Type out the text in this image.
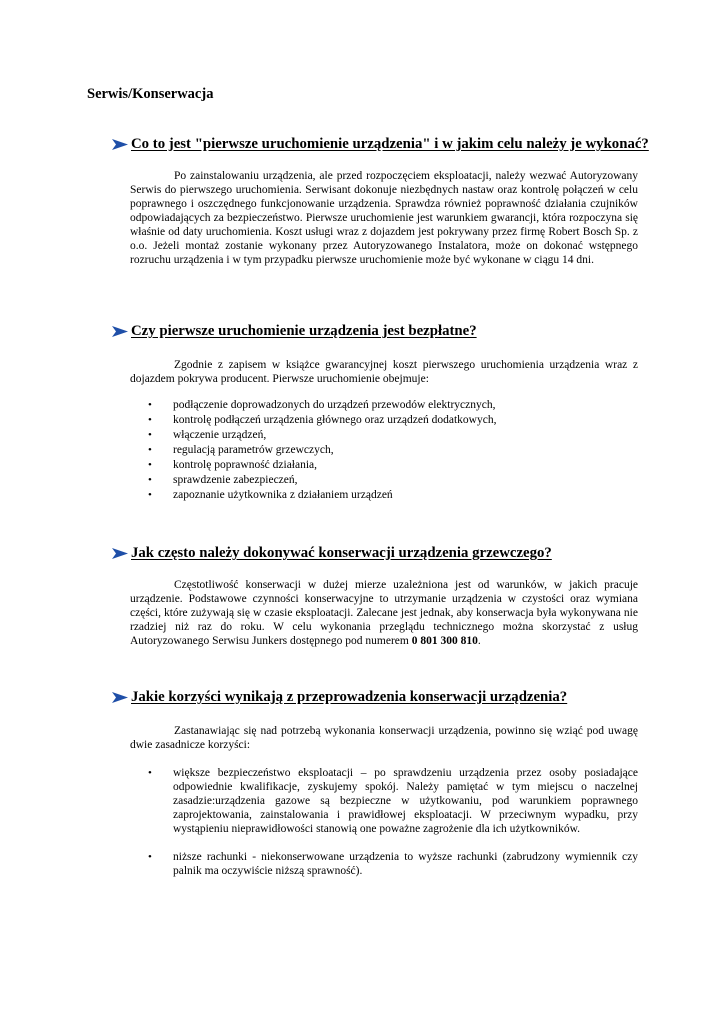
Serwis/Konserwacja
Co to jest "pierwsze uruchomienie urządzenia" i w jakim celu należy je wykonać?

Po zainstalowaniu urządzenia, ale przed rozpoczęciem eksploatacji, należy wezwać Autoryzowany Serwis do pierwszego uruchomienia. Serwisant dokonuje niezbędnych nastaw oraz kontrolę połączeń w celu poprawnego i oszczędnego funkcjonowanie urządzenia. Sprawdza również poprawność działania czujników odpowiadających za bezpieczeństwo. Pierwsze uruchomienie jest warunkiem gwarancji, która rozpoczyna się właśnie od daty uruchomienia. Koszt usługi wraz z dojazdem jest pokrywany przez firmę Robert Bosch Sp. z o.o. Jeżeli montaż zostanie wykonany przez Autoryzowanego Instalatora, może on dokonać wstępnego rozruchu urządzenia i w tym przypadku pierwsze uruchomienie może być wykonane w ciągu 14 dni.

Czy pierwsze uruchomienie urządzenia jest bezpłatne?

Zgodnie z zapisem w książce gwarancyjnej koszt pierwszego uruchomienia urządzenia wraz z dojazdem pokrywa producent. Pierwsze uruchomienie obejmuje:

• podłączenie doprowadzonych do urządzeń przewodów elektrycznych,
• kontrolę podłączeń urządzenia głównego oraz urządzeń dodatkowych,
• włączenie urządzeń,
• regulacją parametrów grzewczych,
• kontrolę poprawność działania,
• sprawdzenie zabezpieczeń,
• zapoznanie użytkownika z działaniem urządzeń
Jak często należy dokonywać konserwacji urządzenia grzewczego?

Częstotliwość konserwacji w dużej mierze uzależniona jest od warunków, w jakich pracuje urządzenie. Podstawowe czynności konserwacyjne to utrzymanie urządzenia w czystości oraz wymiana części, które zużywają się w czasie eksploatacji. Zalecane jest jednak, aby konserwacja była wykonywana nie rzadziej niż raz do roku. W celu wykonania przeglądu technicznego można skorzystać z usług Autoryzowanego Serwisu Junkers dostępnego pod numerem 0 801 300 810.

Jakie korzyści wynikają z przeprowadzenia konserwacji urządzenia?

Zastanawiając się nad potrzebą wykonania konserwacji urządzenia, powinno się wziąć pod uwagę dwie zasadnicze korzyści:

• większe bezpieczeństwo eksploatacji – po sprawdzeniu urządzenia przez osoby posiadające odpowiednie kwalifikacje, zyskujemy spokój. Należy pamiętać w tym miejscu o naczelnej zasadzie:urządzenia gazowe są bezpieczne w użytkowaniu, pod warunkiem poprawnego zaprojektowania, zainstalowania i prawidłowej eksploatacji. W przeciwnym wypadku, przy wystąpieniu nieprawidłowości stanowią one poważne zagrożenie dla ich użytkowników.
• niższe rachunki - niekonserwowane urządzenia to wyższe rachunki (zabrudzony wymiennik czy palnik ma oczywiście niższą sprawność).
